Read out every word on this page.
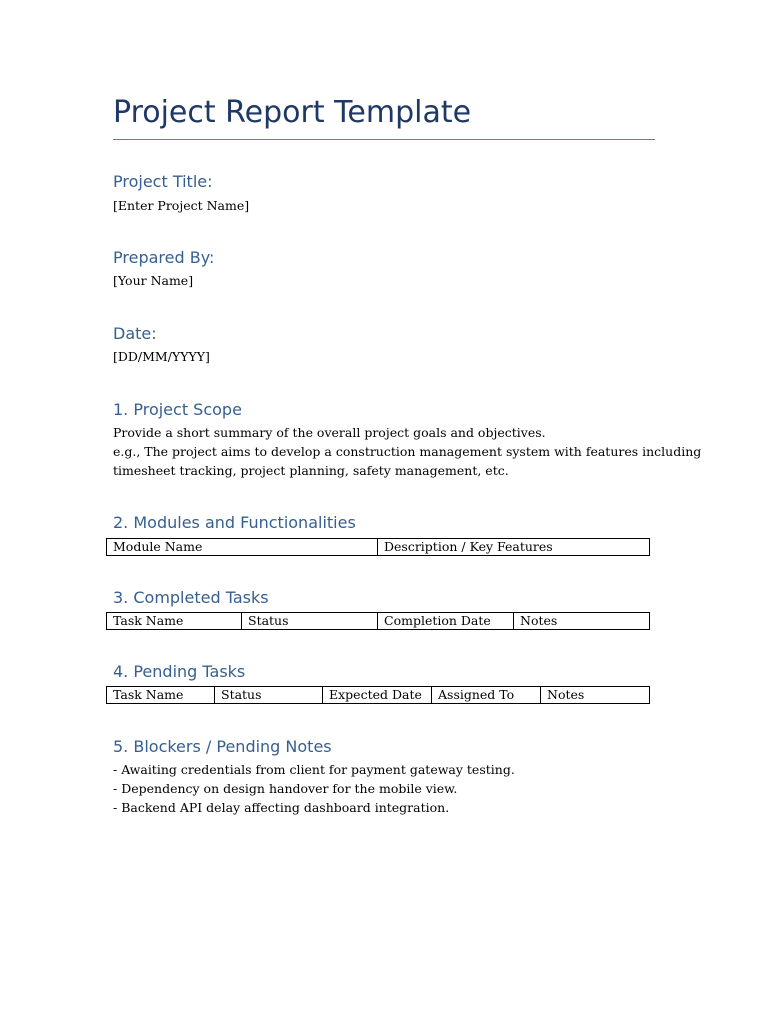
Project Report Template
Project Title:
[Enter Project Name]
Prepared By:
[Your Name]
Date:
[DD/MM/YYYY]
1. Project Scope
Provide a short summary of the overall project goals and objectives.
e.g., The project aims to develop a construction management system with features including
timesheet tracking, project planning, safety management, etc.
2. Modules and Functionalities
Module Name	Description / Key Features
3. Completed Tasks
Task Name	Status	Completion Date	Notes
4. Pending Tasks
Task Name	Status	Expected Date	Assigned To	Notes
5. Blockers / Pending Notes
- Awaiting credentials from client for payment gateway testing.
- Dependency on design handover for the mobile view.
- Backend API delay affecting dashboard integration.
